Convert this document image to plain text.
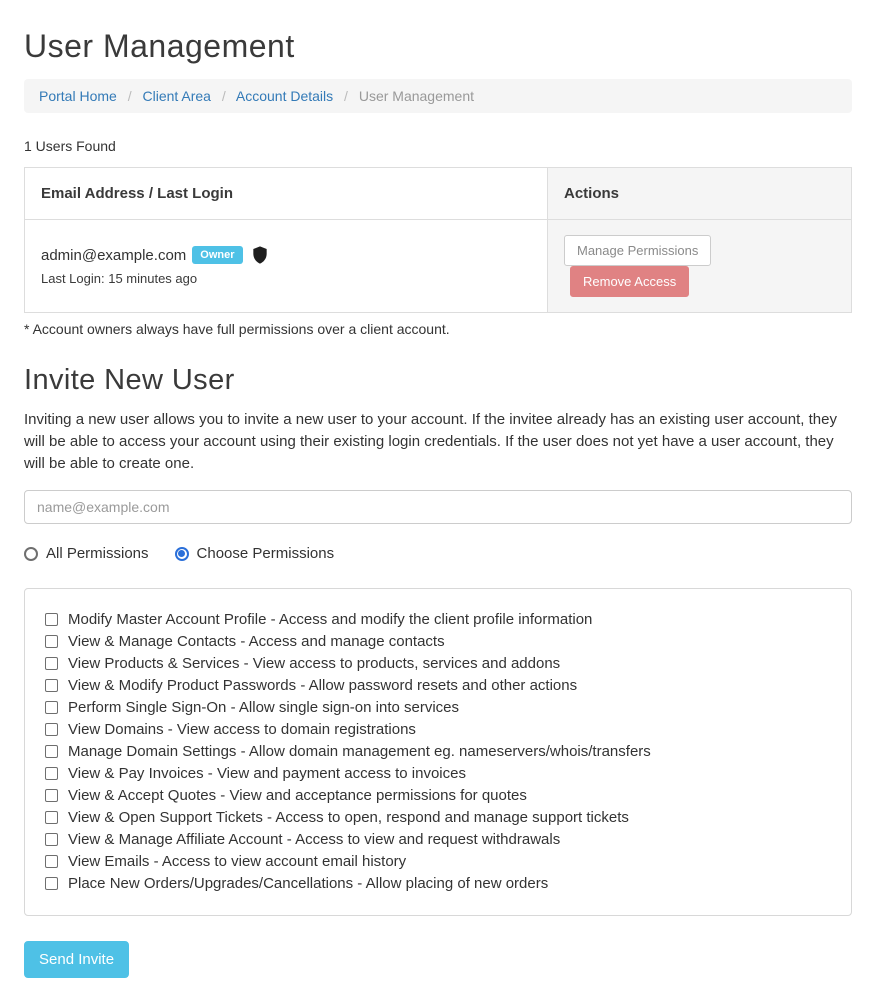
User Management
Portal Home / Client Area / Account Details / User Management
1 Users Found
Email Address / Last Login	Actions

admin@example.com Owner
Last Login: 15 minutes ago	Manage Permissions Remove Access
* Account owners always have full permissions over a client account.
Invite New User

Inviting a new user allows you to invite a new user to your account. If the invitee already has an existing user account, they will be able to access your account using their existing login credentials. If the user does not yet have a user account, they will be able to create one.

name@example.com
All Permissions	Choose Permissions
Modify Master Account Profile - Access and modify the client profile information
View & Manage Contacts - Access and manage contacts
View Products & Services - View access to products, services and addons
View & Modify Product Passwords - Allow password resets and other actions
Perform Single Sign-On - Allow single sign-on into services
View Domains - View access to domain registrations
Manage Domain Settings - Allow domain management eg. nameservers/whois/transfers
View & Pay Invoices - View and payment access to invoices
View & Accept Quotes - View and acceptance permissions for quotes
View & Open Support Tickets - Access to open, respond and manage support tickets
View & Manage Affiliate Account - Access to view and request withdrawals
View Emails - Access to view account email history
Place New Orders/Upgrades/Cancellations - Allow placing of new orders
Send Invite
